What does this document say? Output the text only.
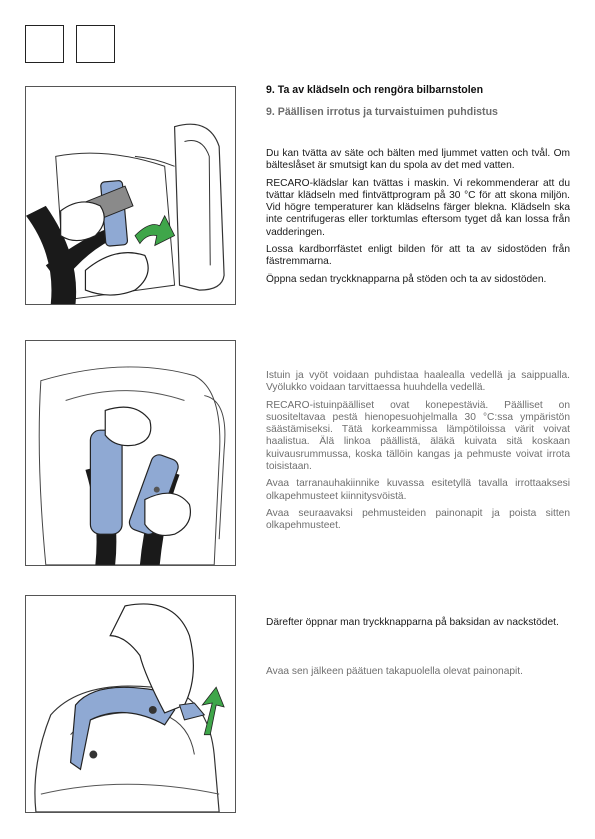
9. Ta av klädseln och rengöra bilbarnstolen
9. Päällisen irrotus ja turvaistuimen puhdistus

Du kan tvätta av säte och bälten med ljummet vatten och tvål. Om bälteslåset är smutsigt kan du spola av det med vatten.

RECARO-klädslar kan tvättas i maskin. Vi rekommenderar att du tvättar klädseln med fintvättprogram på 30 °C för att skona miljön. Vid högre temperaturer kan klädselns färger blekna. Klädseln ska inte centrifugeras eller torktumlas eftersom tyget då kan lossa från vadderingen.

Lossa kardborrfästet enligt bilden för att ta av sidostöden från fästremmarna.

Öppna sedan tryckknapparna på stöden och ta av sidostöden.

Istuin ja vyöt voidaan puhdistaa haalealla vedellä ja saippualla. Vyölukko voidaan tarvittaessa huuhdella vedellä.

RECARO-istuinpäälliset ovat konepestäviä. Päälliset on suositeltavaa pestä hienopesuohjelmalla 30 °C:ssa ympäristön säästämiseksi. Tätä korkeammissa lämpötiloissa värit voivat haalistua. Älä linkoa päällistä, äläkä kuivata sitä koskaan kuivausrummussa, koska tällöin kangas ja pehmuste voivat irrota toisistaan.

Avaa tarranauhakiinnike kuvassa esitetyllä tavalla irrottaaksesi olkapehmusteet kiinnitysvöistä.

Avaa seuraavaksi pehmusteiden painonapit ja poista sitten olkapehmusteet.

Därefter öppnar man tryckknapparna på baksidan av nackstödet.

Avaa sen jälkeen päätuen takapuolella olevat painonapit.
